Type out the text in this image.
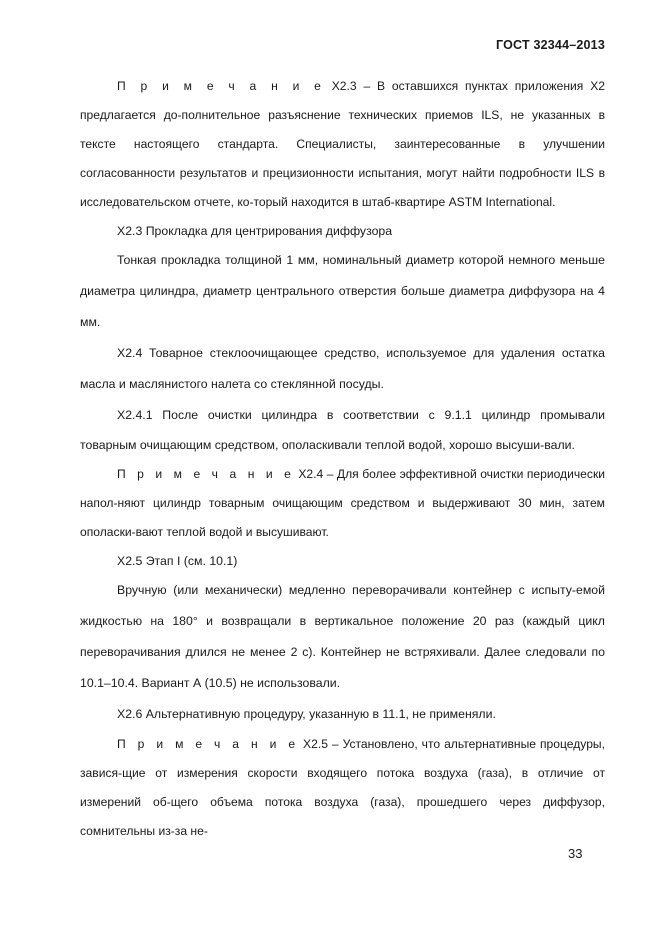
ГОСТ 32344–2013

П р и м е ч а н и е X2.3 – В оставшихся пунктах приложения X2 предлагается до-полнительное разъяснение технических приемов ILS, не указанных в тексте настоящего стандарта. Специалисты, заинтересованные в улучшении согласованности результатов и прецизионности испытания, могут найти подробности ILS в исследовательском отчете, ко-торый находится в штаб-квартире ASTM International.

X2.3 Прокладка для центрирования диффузора

Тонкая прокладка толщиной 1 мм, номинальный диаметр которой немного меньше диаметра цилиндра, диаметр центрального отверстия больше диаметра диффузора на 4 мм.

X2.4 Товарное стеклоочищающее средство, используемое для удаления остатка масла и маслянистого налета со стеклянной посуды.

X2.4.1 После очистки цилиндра в соответствии с 9.1.1 цилиндр промывали товарным очищающим средством, ополаскивали теплой водой, хорошо высуши-вали.

П р и м е ч а н и е X2.4 – Для более эффективной очистки периодически напол-няют цилиндр товарным очищающим средством и выдерживают 30 мин, затем ополаски-вают теплой водой и высушивают.

X2.5 Этап I (см. 10.1)

Вручную (или механически) медленно переворачивали контейнер с испыту-емой жидкостью на 180° и возвращали в вертикальное положение 20 раз (каждый цикл переворачивания длился не менее 2 с). Контейнер не встряхивали. Далее следовали по 10.1–10.4. Вариант А (10.5) не использовали.

X2.6 Альтернативную процедуру, указанную в 11.1, не применяли.

П р и м е ч а н и е X2.5 – Установлено, что альтернативные процедуры, завися-щие от измерения скорости входящего потока воздуха (газа), в отличие от измерений об-щего объема потока воздуха (газа), прошедшего через диффузор, сомнительны из-за не-

33
